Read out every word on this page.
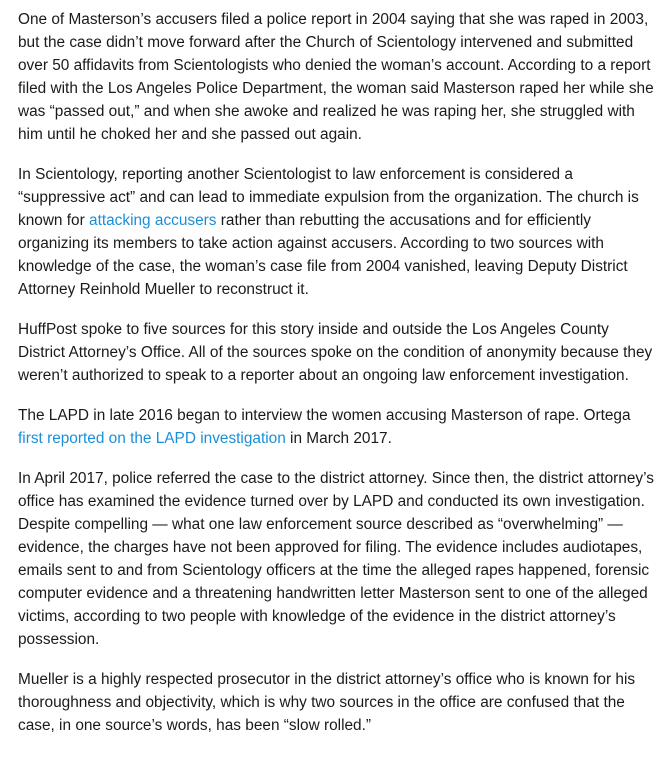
One of Masterson’s accusers filed a police report in 2004 saying that she was raped in 2003, but the case didn’t move forward after the Church of Scientology intervened and submitted over 50 affidavits from Scientologists who denied the woman’s account. According to a report filed with the Los Angeles Police Department, the woman said Masterson raped her while she was “passed out,” and when she awoke and realized he was raping her, she struggled with him until he choked her and she passed out again.

In Scientology, reporting another Scientologist to law enforcement is considered a “suppressive act” and can lead to immediate expulsion from the organization. The church is known for attacking accusers rather than rebutting the accusations and for efficiently organizing its members to take action against accusers. According to two sources with knowledge of the case, the woman’s case file from 2004 vanished, leaving Deputy District Attorney Reinhold Mueller to reconstruct it.

HuffPost spoke to five sources for this story inside and outside the Los Angeles County District Attorney’s Office. All of the sources spoke on the condition of anonymity because they weren’t authorized to speak to a reporter about an ongoing law enforcement investigation.

The LAPD in late 2016 began to interview the women accusing Masterson of rape. Ortega first reported on the LAPD investigation in March 2017.

In April 2017, police referred the case to the district attorney. Since then, the district attorney’s office has examined the evidence turned over by LAPD and conducted its own investigation. Despite compelling — what one law enforcement source described as “overwhelming” — evidence, the charges have not been approved for filing. The evidence includes audiotapes, emails sent to and from Scientology officers at the time the alleged rapes happened, forensic computer evidence and a threatening handwritten letter Masterson sent to one of the alleged victims, according to two people with knowledge of the evidence in the district attorney’s possession.

Mueller is a highly respected prosecutor in the district attorney’s office who is known for his thoroughness and objectivity, which is why two sources in the office are confused that the case, in one source’s words, has been “slow rolled.”
